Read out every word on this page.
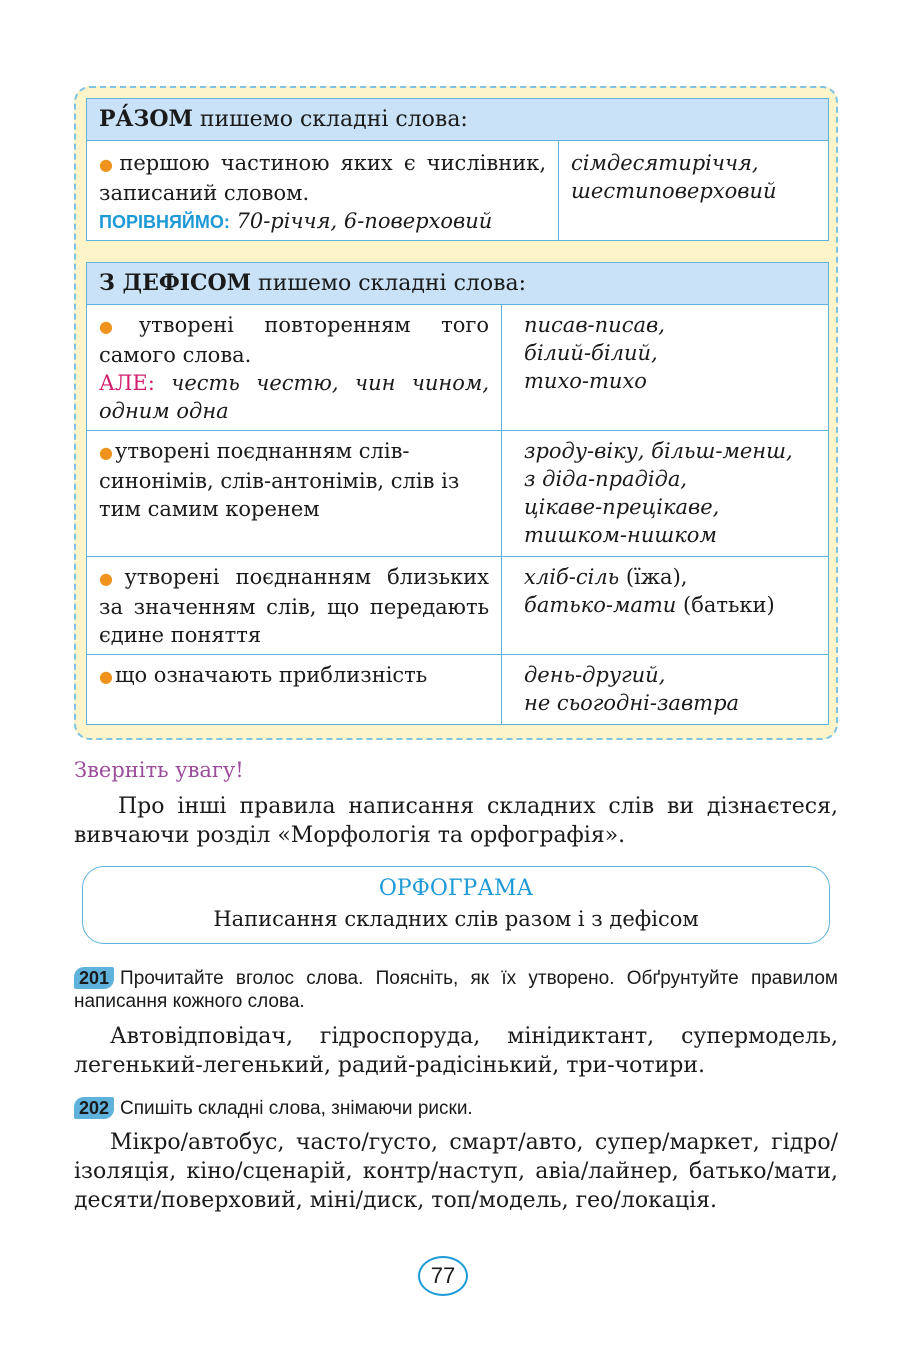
РА́ЗОМ пишемо складні слова:
●першою частиною яких є числівник, записаний словом.
ПОРІВНЯЙМО: 70-річчя, 6-поверховий	сімдесятиріччя,
шестиповерховий
З ДЕФІСОМ пишемо складні слова:	
●утворені повторенням того самого слова.
АЛЕ: честь честю, чин чином, одним одна	писав-писав,
білий-білий,
тихо-тихо
●утворені поєднанням слів-синонімів, слів-антонімів, слів із тим самим коренем	зроду-віку, більш-менш,
з діда-прадіда,
цікаве-прецікаве,
тишком-нишком
●утворені поєднанням близьких за значенням слів, що передають єдине поняття	хліб-сіль (їжа),
батько-мати (батьки)
●що означають приблизність	день-другий,
не сьогодні-завтра
Зверніть увагу!
Про інші правила написання складних слів ви дізнаєтеся, вивчаючи розділ «Морфологія та орфографія».
ОРФОГРАМА
Написання складних слів разом і з дефісом
201 Прочитайте вголос слова. Поясніть, як їх утворено. Обґрунтуйте правилом написання кожного слова.
Автовідповідач, гідроспоруда, мінідиктант, супермодель, легенький-легенький, радий-радісінький, три-чотири.
202 Спишіть складні слова, знімаючи риски.
Мікро/автобус, часто/густо, смарт/авто, супер/маркет, гідро/ізоляція, кіно/сценарій, контр/наступ, авіа/лайнер, батько/мати, десяти/поверховий, міні/диск, топ/модель, гео/локація.
77
